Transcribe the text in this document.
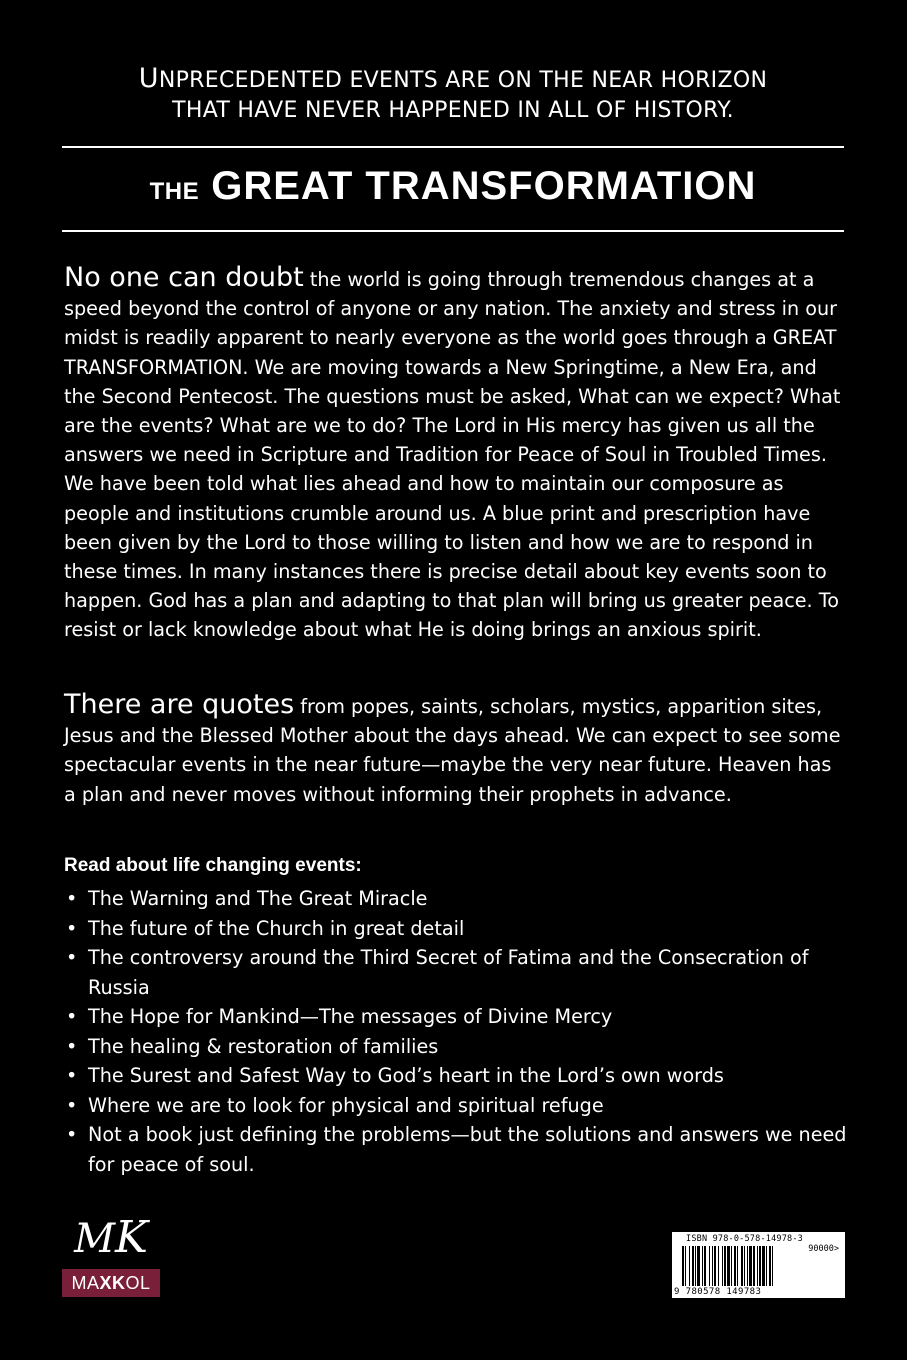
UNPRECEDENTED EVENTS ARE ON THE NEAR HORIZON
THAT HAVE NEVER HAPPENED IN ALL OF HISTORY.
THE GREAT TRANSFORMATION

No one can doubt the world is going through tremendous changes at a speed beyond the control of anyone or any nation. The anxiety and stress in our midst is readily apparent to nearly everyone as the world goes through a GREAT TRANSFORMATION. We are moving towards a New Springtime, a New Era, and the Second Pentecost. The questions must be asked, What can we expect? What are the events? What are we to do? The Lord in His mercy has given us all the answers we need in Scripture and Tradition for Peace of Soul in Troubled Times. We have been told what lies ahead and how to maintain our composure as people and institutions crumble around us. A blue print and prescription have been given by the Lord to those willing to listen and how we are to respond in these times. In many instances there is precise detail about key events soon to happen. God has a plan and adapting to that plan will bring us greater peace. To resist or lack knowledge about what He is doing brings an anxious spirit.

There are quotes from popes, saints, scholars, mystics, apparition sites, Jesus and the Blessed Mother about the days ahead. We can expect to see some spectacular events in the near future—maybe the very near future. Heaven has a plan and never moves without informing their prophets in advance.

Read about life changing events:
• The Warning and The Great Miracle
• The future of the Church in great detail
• The controversy around the Third Secret of Fatima and the Consecration of Russia
• The Hope for Mankind—The messages of Divine Mercy
• The healing & restoration of families
• The Surest and Safest Way to God’s heart in the Lord’s own words
• Where we are to look for physical and spiritual refuge
• Not a book just defining the problems—but the solutions and answers we need for peace of soul.
MK
MAXKOL
ISBN 978-0-578-14978-3
90000>
9 780578 149783
